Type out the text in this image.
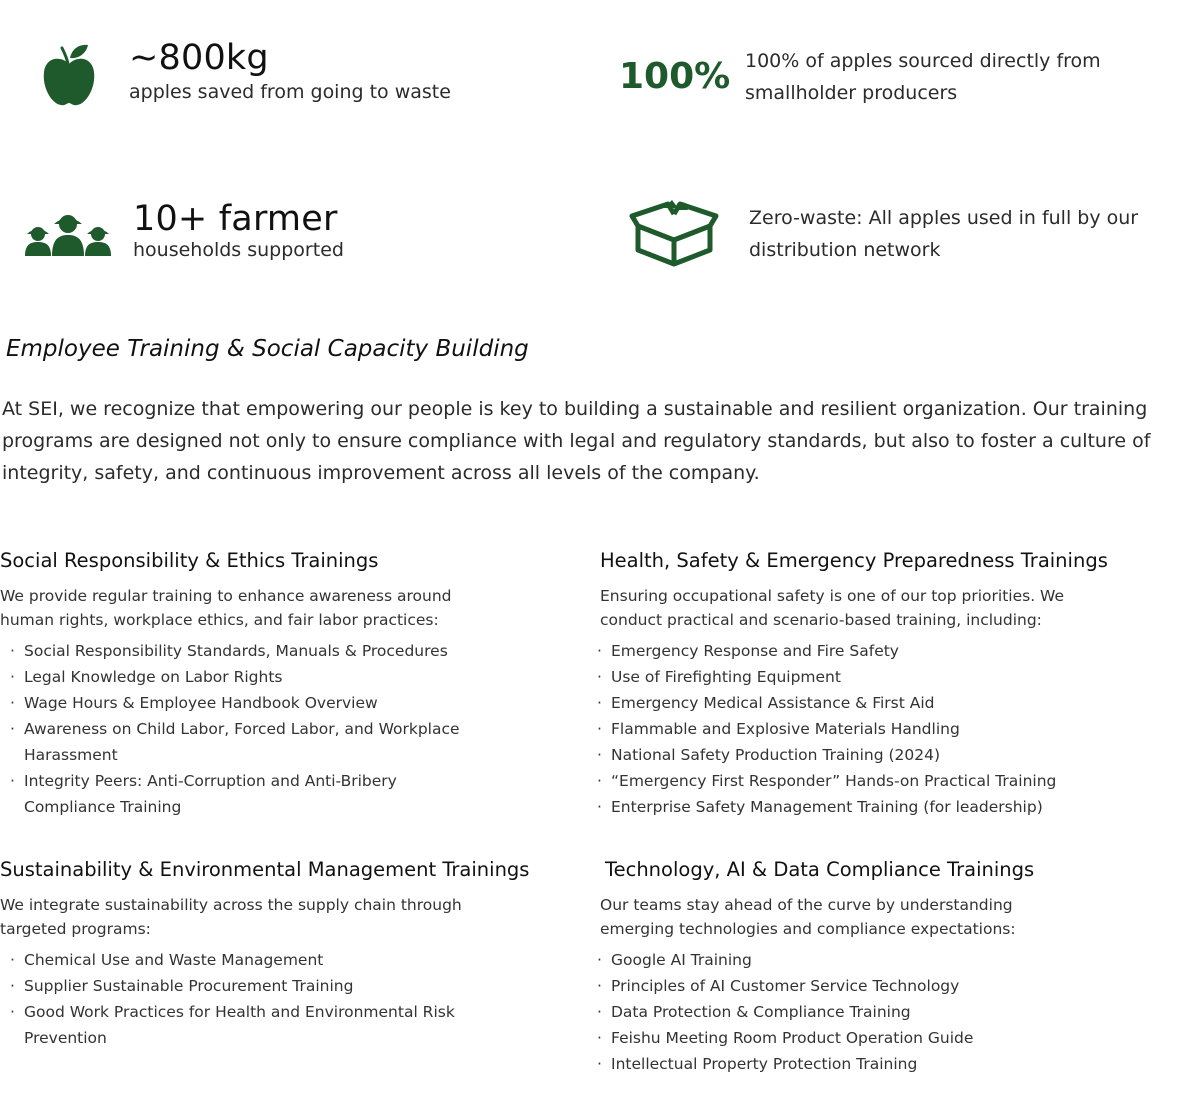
~800kg
apples saved from going to waste	100% 100% of apples sourced directly from smallholder producers
10+ farmer
households supported
Zero-waste: All apples used in full by our distribution network
Employee Training & Social Capacity Building
At SEI, we recognize that empowering our people is key to building a sustainable and resilient organization. Our training programs are designed not only to ensure compliance with legal and regulatory standards, but also to foster a culture of integrity, safety, and continuous improvement across all levels of the company.
Social Responsibility & Ethics Trainings
We provide regular training to enhance awareness around human rights, workplace ethics, and fair labor practices:
· Social Responsibility Standards, Manuals & Procedures
· Legal Knowledge on Labor Rights
· Wage Hours & Employee Handbook Overview
· Awareness on Child Labor, Forced Labor, and Workplace Harassment
· Integrity Peers: Anti-Corruption and Anti-Bribery Compliance Training
Health, Safety & Emergency Preparedness Trainings
Ensuring occupational safety is one of our top priorities. We conduct practical and scenario-based training, including:
· Emergency Response and Fire Safety
· Use of Firefighting Equipment
· Emergency Medical Assistance & First Aid
· Flammable and Explosive Materials Handling
· National Safety Production Training (2024)
· “Emergency First Responder” Hands-on Practical Training
· Enterprise Safety Management Training (for leadership)
Sustainability & Environmental Management Trainings
We integrate sustainability across the supply chain through targeted programs:
· Chemical Use and Waste Management
· Supplier Sustainable Procurement Training
· Good Work Practices for Health and Environmental Risk Prevention
Technology, AI & Data Compliance Trainings
Our teams stay ahead of the curve by understanding emerging technologies and compliance expectations:
· Google AI Training
· Principles of AI Customer Service Technology
· Data Protection & Compliance Training
· Feishu Meeting Room Product Operation Guide
· Intellectual Property Protection Training
